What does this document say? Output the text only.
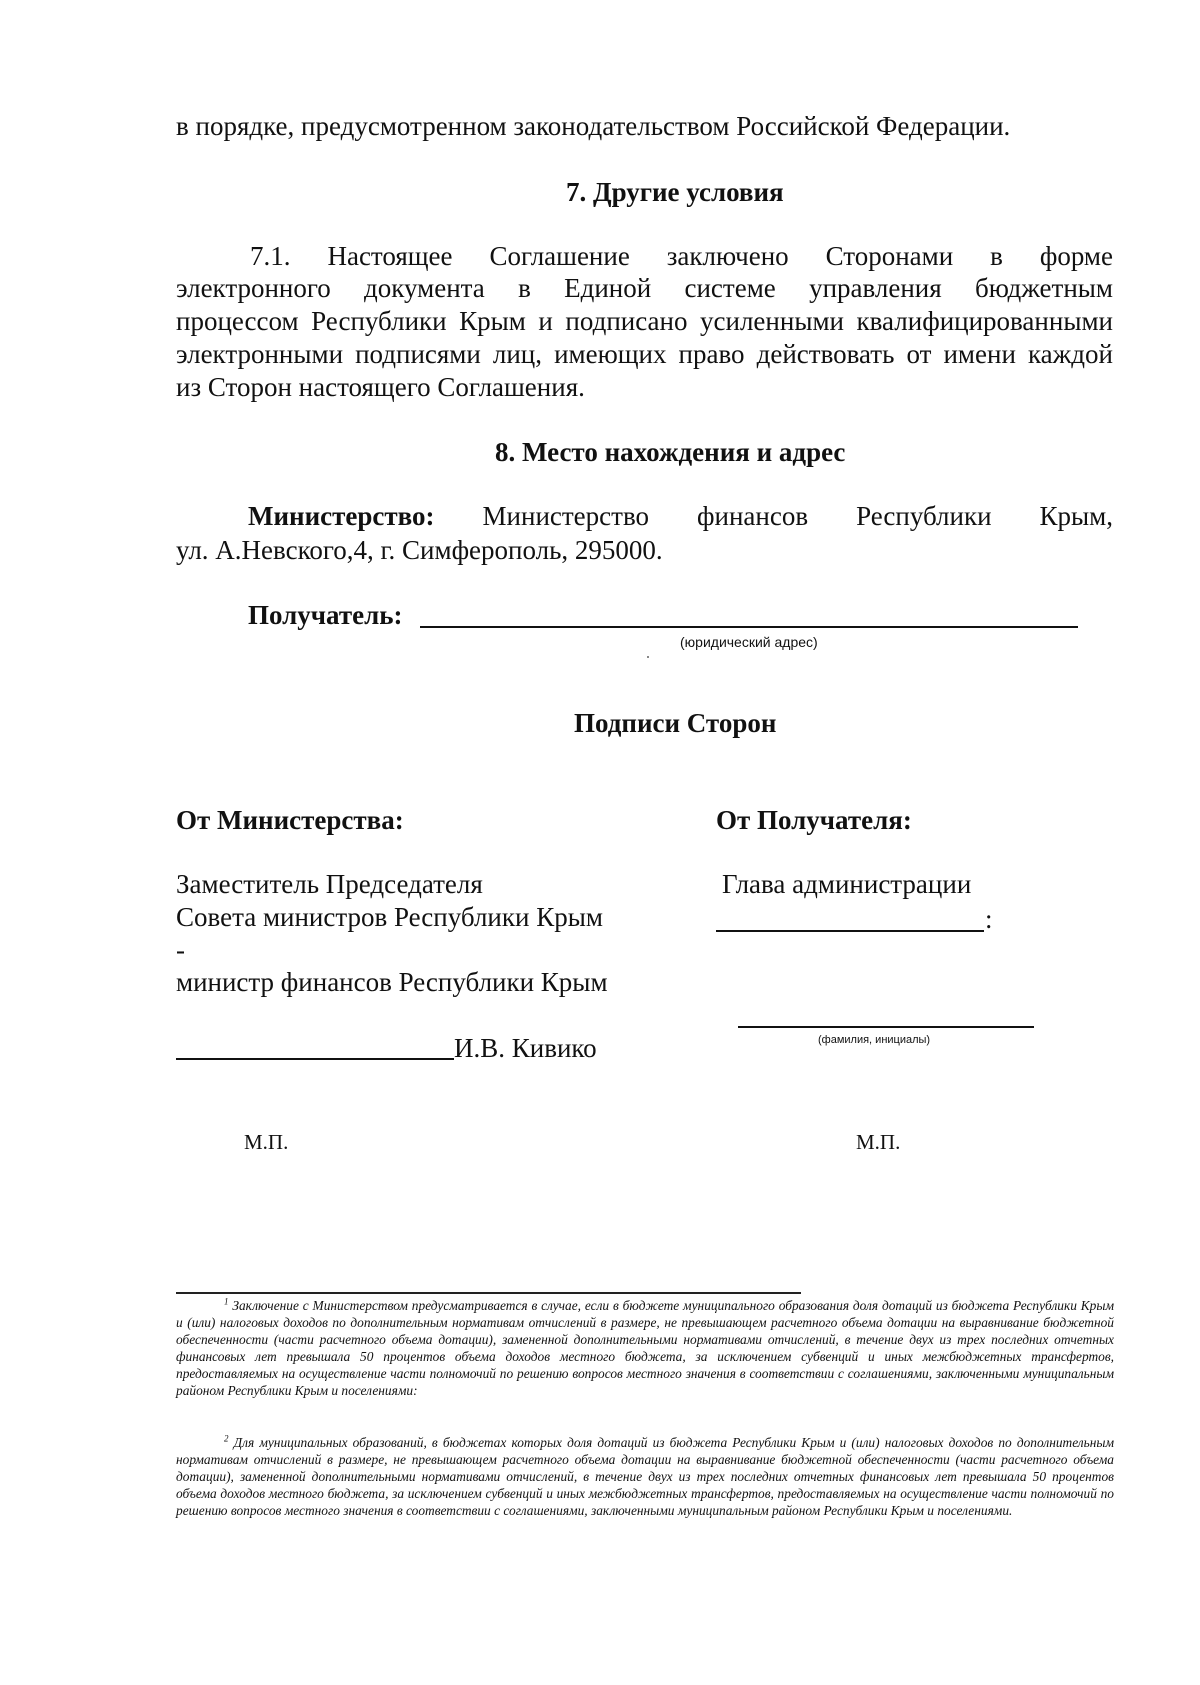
в порядке, предусмотренном законодательством Российской Федерации.
7. Другие условия
7.1. Настоящее Соглашение заключено Сторонами в форме
электронного документа в Единой системе управления бюджетным
процессом Республики Крым и подписано усиленными квалифицированными
электронными подписями лиц, имеющих право действовать от имени каждой
из Сторон настоящего Соглашения.
8. Место нахождения и адрес
Министерство: Министерство финансов Республики Крым,
ул. А.Невского,4, г. Симферополь, 295000.
Получатель:
(юридический адрес)
Подписи Сторон
От Министерства:	От Получателя:
Заместитель Председателя
Совета министров Республики Крым
-
министр финансов Республики Крым
И.В. Кивико
Глава администрации
:
(фамилия, инициалы)
М.П.	М.П.
$^1$ Заключение с Министерством предусматривается в случае, если в бюджете муниципального образования доля дотаций из бюджета Республики Крым и (или) налоговых доходов по дополнительным нормативам отчислений в размере, не превышающем расчетного объема дотации на выравнивание бюджетной обеспеченности (части расчетного объема дотации), замененной дополнительными нормативами отчислений, в течение двух из трех последних отчетных финансовых лет превышала 50 процентов объема доходов местного бюджета, за исключением субвенций и иных межбюджетных трансфертов, предоставляемых на осуществление части полномочий по решению вопросов местного значения в соответствии с соглашениями, заключенными муниципальным районом Республики Крым и поселениями:
$^2$ Для муниципальных образований, в бюджетах которых доля дотаций из бюджета Республики Крым и (или) налоговых доходов по дополнительным нормативам отчислений в размере, не превышающем расчетного объема дотации на выравнивание бюджетной обеспеченности (части расчетного объема дотации), замененной дополнительными нормативами отчислений, в течение двух из трех последних отчетных финансовых лет превышала 50 процентов объема доходов местного бюджета, за исключением субвенций и иных межбюджетных трансфертов, предоставляемых на осуществление части полномочий по решению вопросов местного значения в соответствии с соглашениями, заключенными муниципальным районом Республики Крым и поселениями.
